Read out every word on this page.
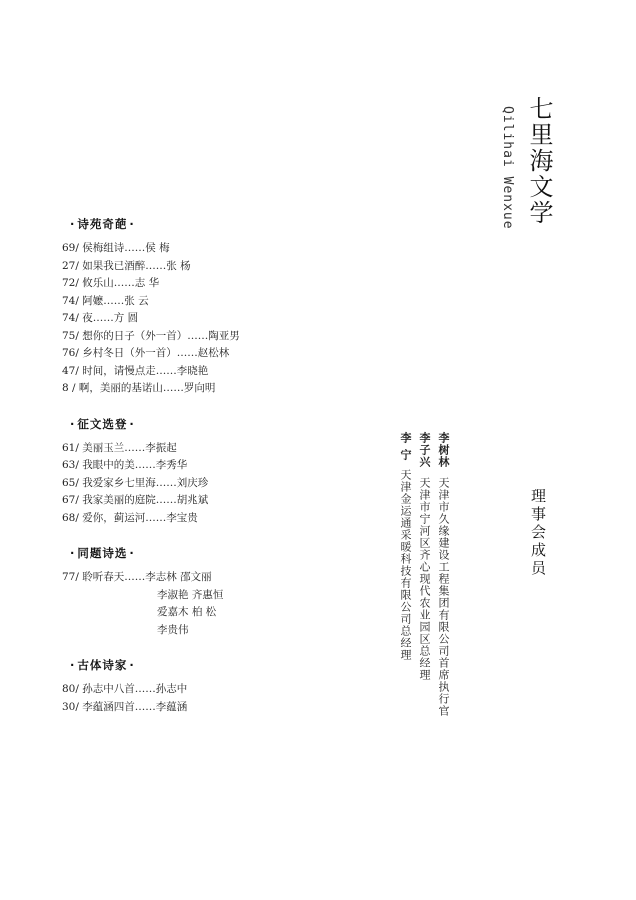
七里海文学
Qilihai Wenxue
· 诗苑奇葩 ·
69/ 侯梅组诗……侯 梅
27/ 如果我已酒醉……张 杨
72/ 攸乐山……志 华
74/ 阿嬷……张 云
74/ 夜……方 圆
75/ 想你的日子（外一首）……陶亚男
76/ 乡村冬日（外一首）……赵松林
47/ 时间，请慢点走……李晓艳
8 / 啊，美丽的基诺山……罗向明
· 征文选登 ·
61/ 美丽玉兰……李振起
63/ 我眼中的美……李秀华
65/ 我爱家乡七里海……刘庆珍
67/ 我家美丽的庭院……胡兆斌
68/ 爱你，蓟运河……李宝贵
· 同题诗选 ·
77/ 聆听春天……李志林 邵文丽
李淑艳 齐惠恒
爱嘉木 柏 松
李贵伟
· 古体诗家 ·
80/ 孙志中八首……孙志中
30/ 李蕴涵四首……李蕴涵
李树林 天津市久缘建设工程集团有限公司首席执行官
李子兴 天津市宁河区齐心现代农业园区总经理
李 宁 天津金运通采暖科技有限公司总经理	理事会成员
